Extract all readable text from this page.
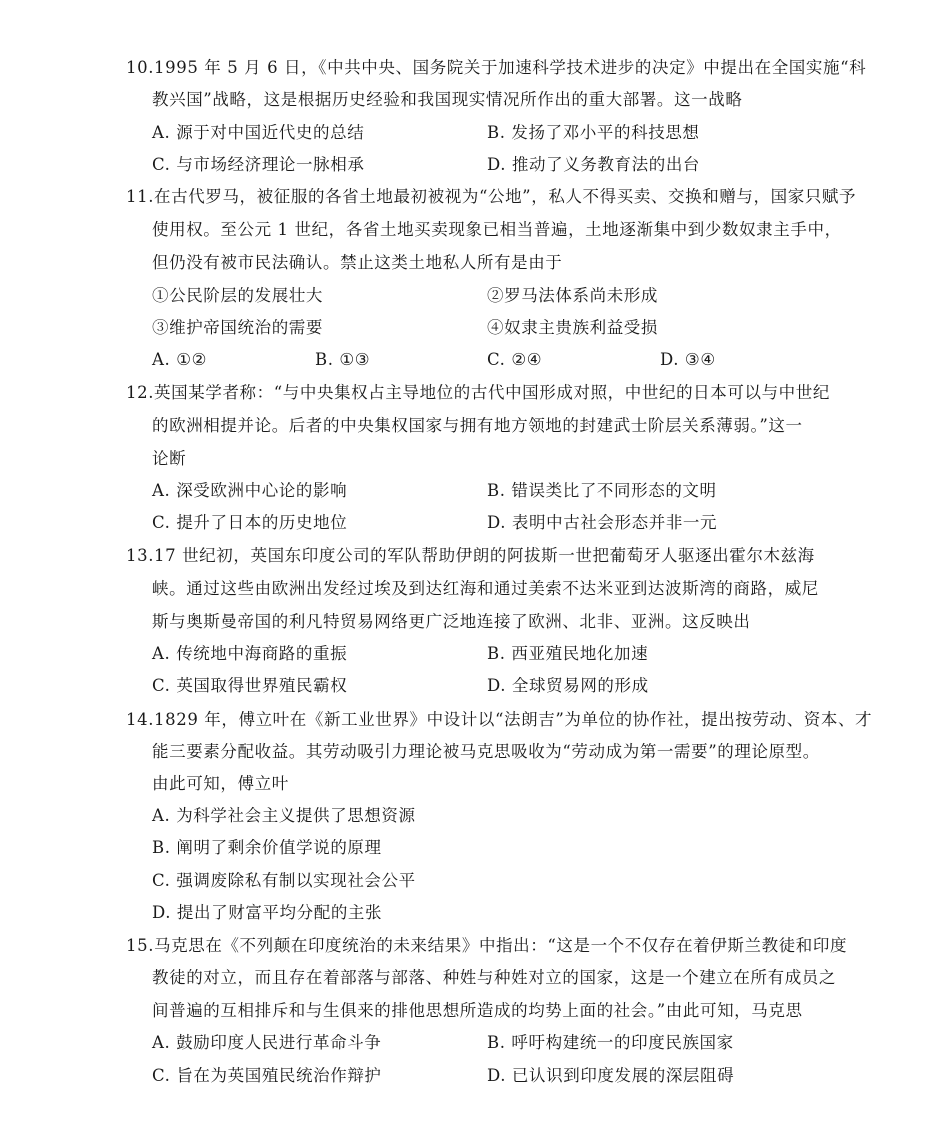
10.1995 年 5 月 6 日，《中共中央、国务院关于加速科学技术进步的决定》中提出在全国实施“科
教兴国”战略，这是根据历史经验和我国现实情况所作出的重大部署。这一战略
A. 源于对中国近代史的总结	B. 发扬了邓小平的科技思想
C. 与市场经济理论一脉相承	D. 推动了义务教育法的出台
11.在古代罗马，被征服的各省土地最初被视为“公地”，私人不得买卖、交换和赠与，国家只赋予
使用权。至公元 1 世纪，各省土地买卖现象已相当普遍，土地逐渐集中到少数奴隶主手中，
但仍没有被市民法确认。禁止这类土地私人所有是由于
①公民阶层的发展壮大	②罗马法体系尚未形成
③维护帝国统治的需要	④奴隶主贵族利益受损
A. ①②	B. ①③	C. ②④	D. ③④
12.英国某学者称：“与中央集权占主导地位的古代中国形成对照，中世纪的日本可以与中世纪
的欧洲相提并论。后者的中央集权国家与拥有地方领地的封建武士阶层关系薄弱。”这一
论断
A. 深受欧洲中心论的影响	B. 错误类比了不同形态的文明
C. 提升了日本的历史地位	D. 表明中古社会形态并非一元
13.17 世纪初，英国东印度公司的军队帮助伊朗的阿拔斯一世把葡萄牙人驱逐出霍尔木兹海
峡。通过这些由欧洲出发经过埃及到达红海和通过美索不达米亚到达波斯湾的商路，威尼
斯与奥斯曼帝国的利凡特贸易网络更广泛地连接了欧洲、北非、亚洲。这反映出
A. 传统地中海商路的重振	B. 西亚殖民地化加速
C. 英国取得世界殖民霸权	D. 全球贸易网的形成
14.1829 年，傅立叶在《新工业世界》中设计以“法朗吉”为单位的协作社，提出按劳动、资本、才
能三要素分配收益。其劳动吸引力理论被马克思吸收为“劳动成为第一需要”的理论原型。
由此可知，傅立叶
A. 为科学社会主义提供了思想资源
B. 阐明了剩余价值学说的原理
C. 强调废除私有制以实现社会公平
D. 提出了财富平均分配的主张
15.马克思在《不列颠在印度统治的未来结果》中指出：“这是一个不仅存在着伊斯兰教徒和印度
教徒的对立，而且存在着部落与部落、种姓与种姓对立的国家，这是一个建立在所有成员之
间普遍的互相排斥和与生俱来的排他思想所造成的均势上面的社会。”由此可知，马克思
A. 鼓励印度人民进行革命斗争	B. 呼吁构建统一的印度民族国家
C. 旨在为英国殖民统治作辩护	D. 已认识到印度发展的深层阻碍
